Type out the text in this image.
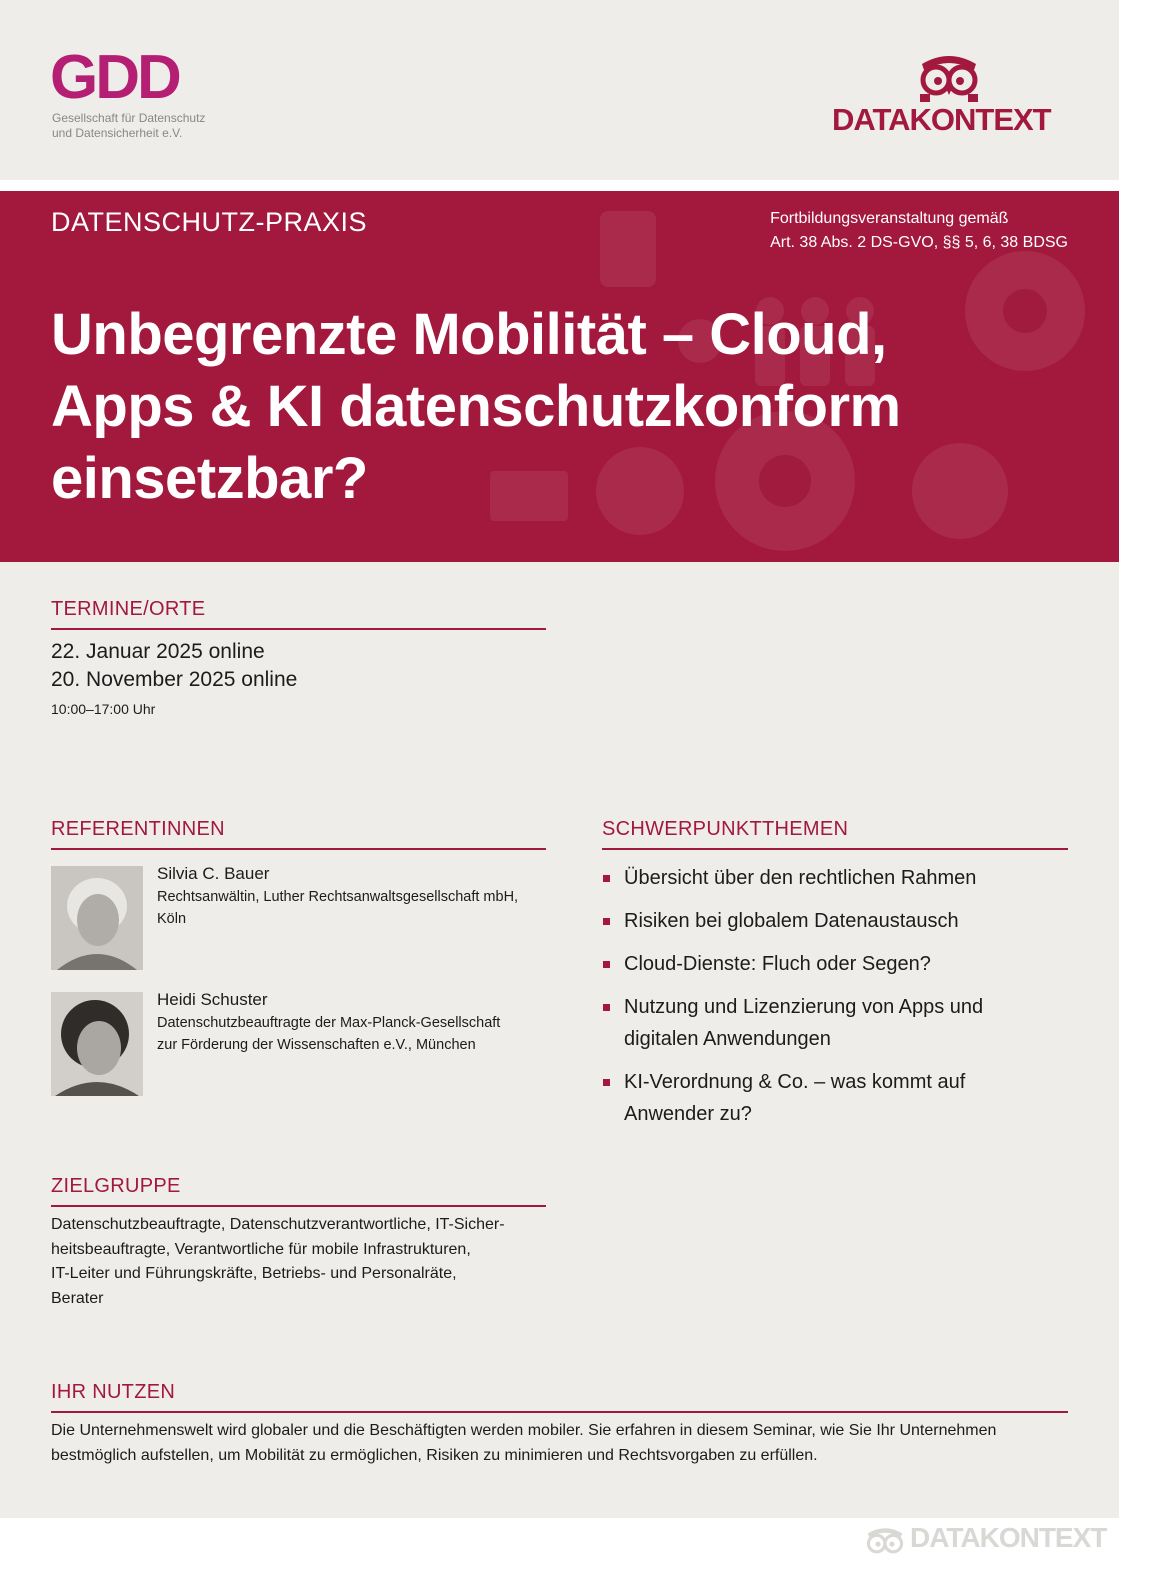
GDD
Gesellschaft für Datenschutz
und Datensicherheit e.V.	DATAKONTEXT
DATENSCHUTZ-PRAXIS	Fortbildungsveranstaltung gemäß
Art. 38 Abs. 2 DS-GVO, §§ 5, 6, 38 BDSG
Unbegrenzte Mobilität – Cloud,
Apps & KI datenschutzkonform
einsetzbar?
TERMINE/ORTE
22. Januar 2025 online
20. November 2025 online
10:00–17:00 Uhr
REFERENTINNEN
Silvia C. Bauer
Rechtsanwältin, Luther Rechtsanwaltsgesellschaft mbH,
Köln
Heidi Schuster
Datenschutzbeauftragte der Max-Planck-Gesellschaft
zur Förderung der Wissenschaften e.V., München
SCHWERPUNKTTHEMEN
Übersicht über den rechtlichen Rahmen
Risiken bei globalem Datenaustausch
Cloud-Dienste: Fluch oder Segen?
Nutzung und Lizenzierung von Apps und
digitalen Anwendungen
KI-Verordnung & Co. – was kommt auf
Anwender zu?
ZIELGRUPPE

Datenschutzbeauftragte, Datenschutzverantwortliche, IT-Sicher-
heitsbeauftragte, Verantwortliche für mobile Infrastrukturen,
IT-Leiter und Führungskräfte, Betriebs- und Personalräte,
Berater

IHR NUTZEN

Die Unternehmenswelt wird globaler und die Beschäftigten werden mobiler. Sie erfahren in diesem Seminar, wie Sie Ihr Unternehmen
bestmöglich aufstellen, um Mobilität zu ermöglichen, Risiken zu minimieren und Rechtsvorgaben zu erfüllen.

DATAKONTEXT
